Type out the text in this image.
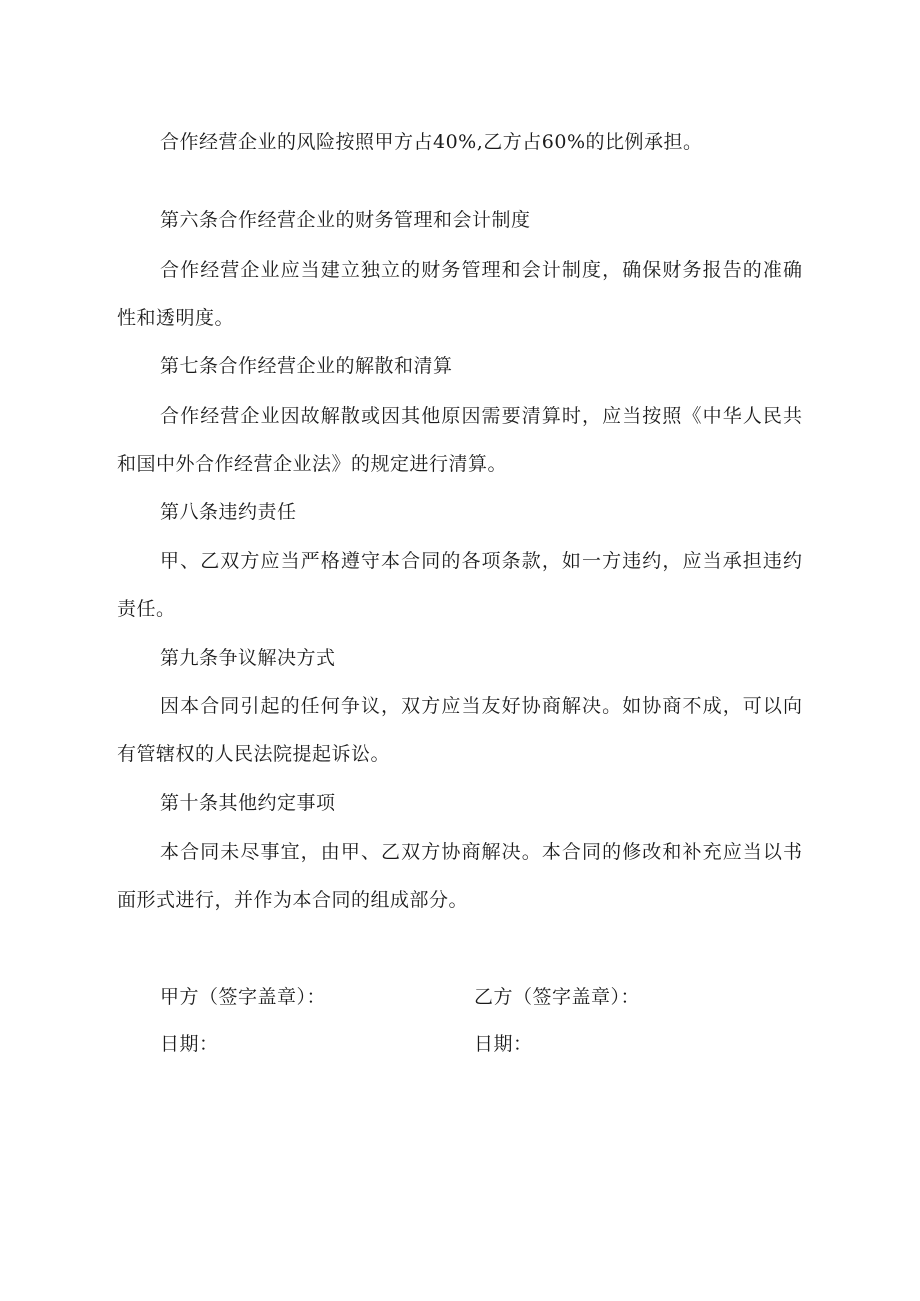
合作经营企业的风险按照甲方占40%,乙方占60%的比例承担。
第六条合作经营企业的财务管理和会计制度
合作经营企业应当建立独立的财务管理和会计制度，确保财务报告的准确
性和透明度。
第七条合作经营企业的解散和清算
合作经营企业因故解散或因其他原因需要清算时，应当按照《中华人民共
和国中外合作经营企业法》的规定进行清算。
第八条违约责任
甲、乙双方应当严格遵守本合同的各项条款，如一方违约，应当承担违约
责任。
第九条争议解决方式
因本合同引起的任何争议，双方应当友好协商解决。如协商不成，可以向
有管辖权的人民法院提起诉讼。
第十条其他约定事项
本合同未尽事宜，由甲、乙双方协商解决。本合同的修改和补充应当以书
面形式进行，并作为本合同的组成部分。
甲方（签字盖章）：	乙方（签字盖章）：
日期：	日期：
